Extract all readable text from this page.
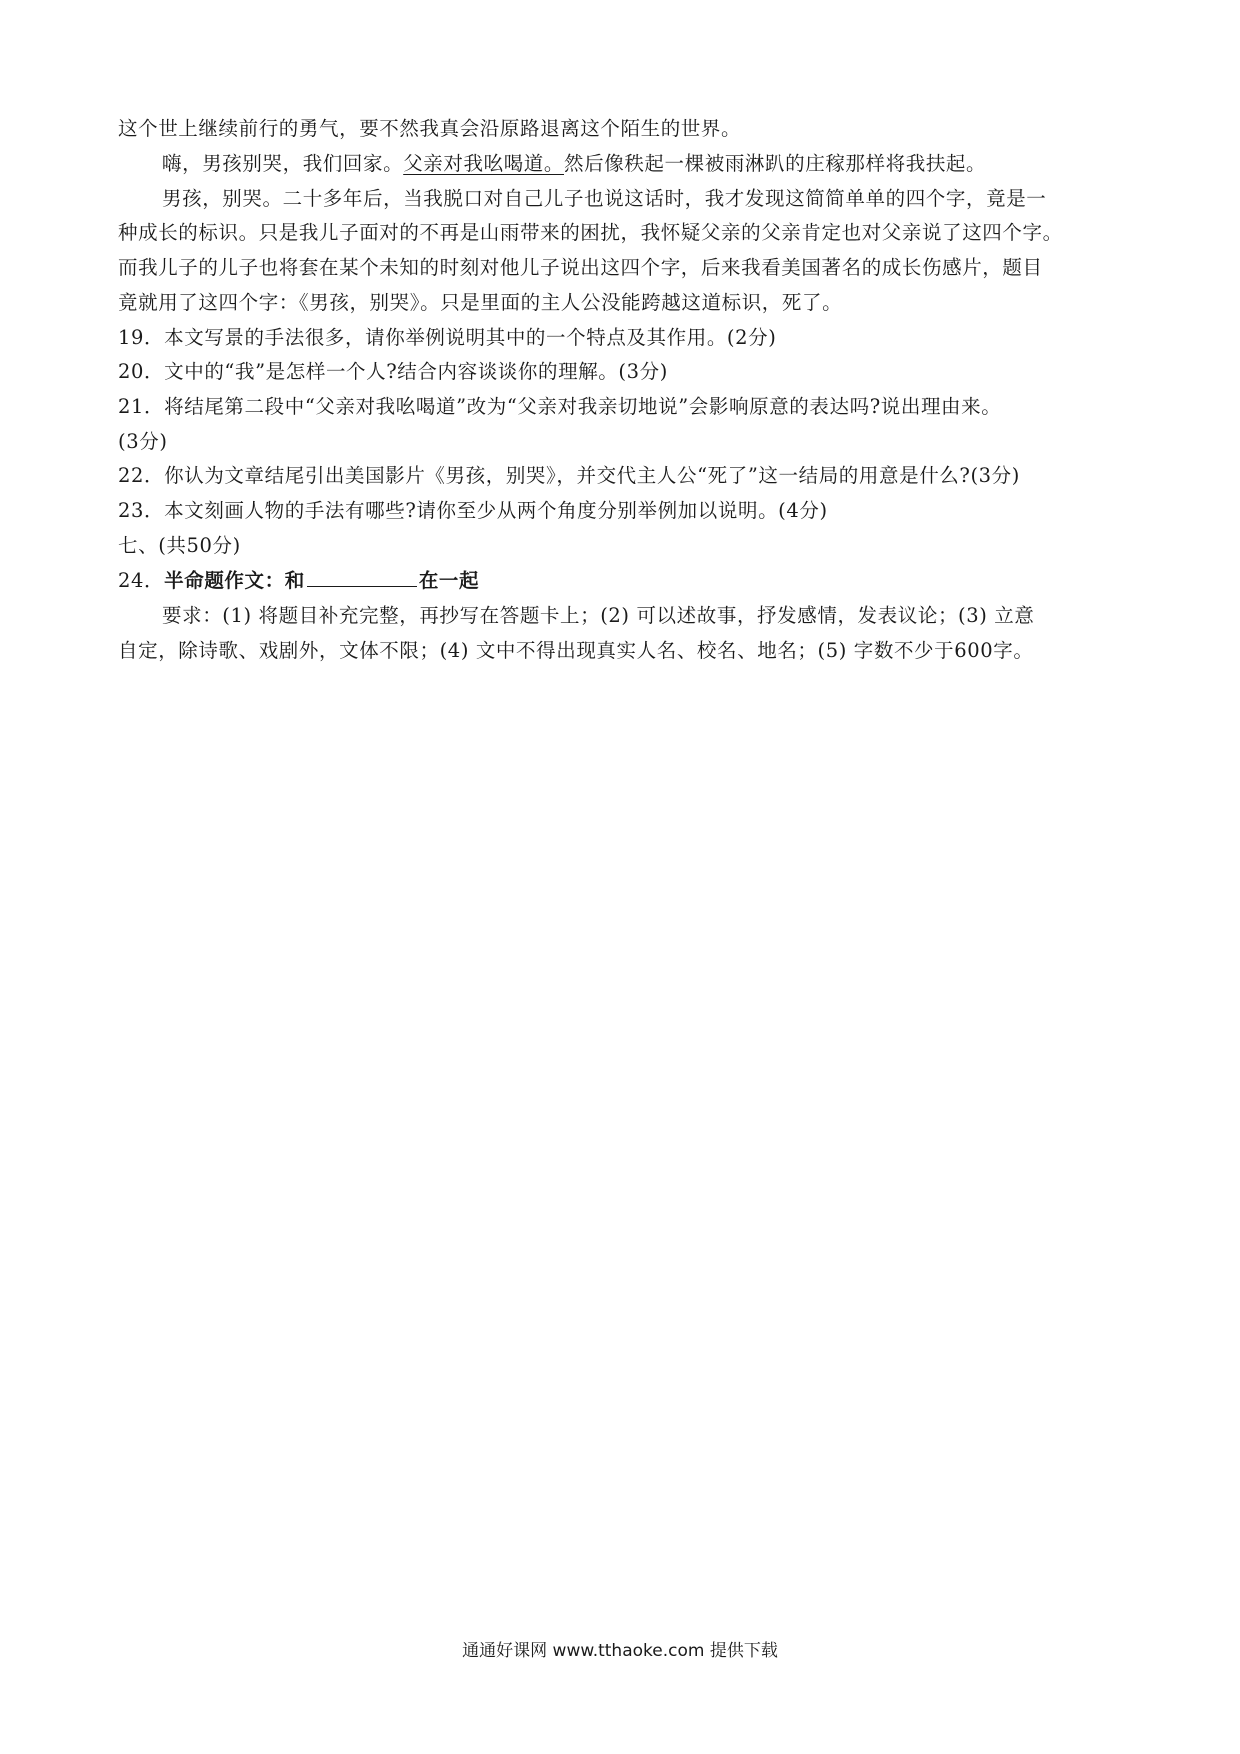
这个世上继续前行的勇气，要不然我真会沿原路退离这个陌生的世界。
嗨，男孩别哭，我们回家。父亲对我吆喝道。然后像秩起一棵被雨淋趴的庄稼那样将我扶起。
男孩，别哭。二十多年后，当我脱口对自己儿子也说这话时，我才发现这简简单单的四个字，竟是一
种成长的标识。只是我儿子面对的不再是山雨带来的困扰，我怀疑父亲的父亲肯定也对父亲说了这四个字。
而我儿子的儿子也将套在某个未知的时刻对他儿子说出这四个字，后来我看美国著名的成长伤感片，题目
竟就用了这四个字：《男孩，别哭》。只是里面的主人公没能跨越这道标识，死了。
19．本文写景的手法很多，请你举例说明其中的一个特点及其作用。(2分)
20．文中的“我”是怎样一个人?结合内容谈谈你的理解。(3分)
21．将结尾第二段中“父亲对我吆喝道”改为“父亲对我亲切地说”会影响原意的表达吗?说出理由来。
(3分)
22．你认为文章结尾引出美国影片《男孩，别哭》，并交代主人公“死了”这一结局的用意是什么?(3分)
23．本文刻画人物的手法有哪些?请你至少从两个角度分别举例加以说明。(4分)
七、(共50分)
24．半命题作文：和	在一起
要求：(1) 将题目补充完整，再抄写在答题卡上；(2) 可以述故事，抒发感情，发表议论；(3) 立意
自定，除诗歌、戏剧外，文体不限；(4) 文中不得出现真实人名、校名、地名；(5) 字数不少于600字。
通通好课网 www.tthaoke.com 提供下载
